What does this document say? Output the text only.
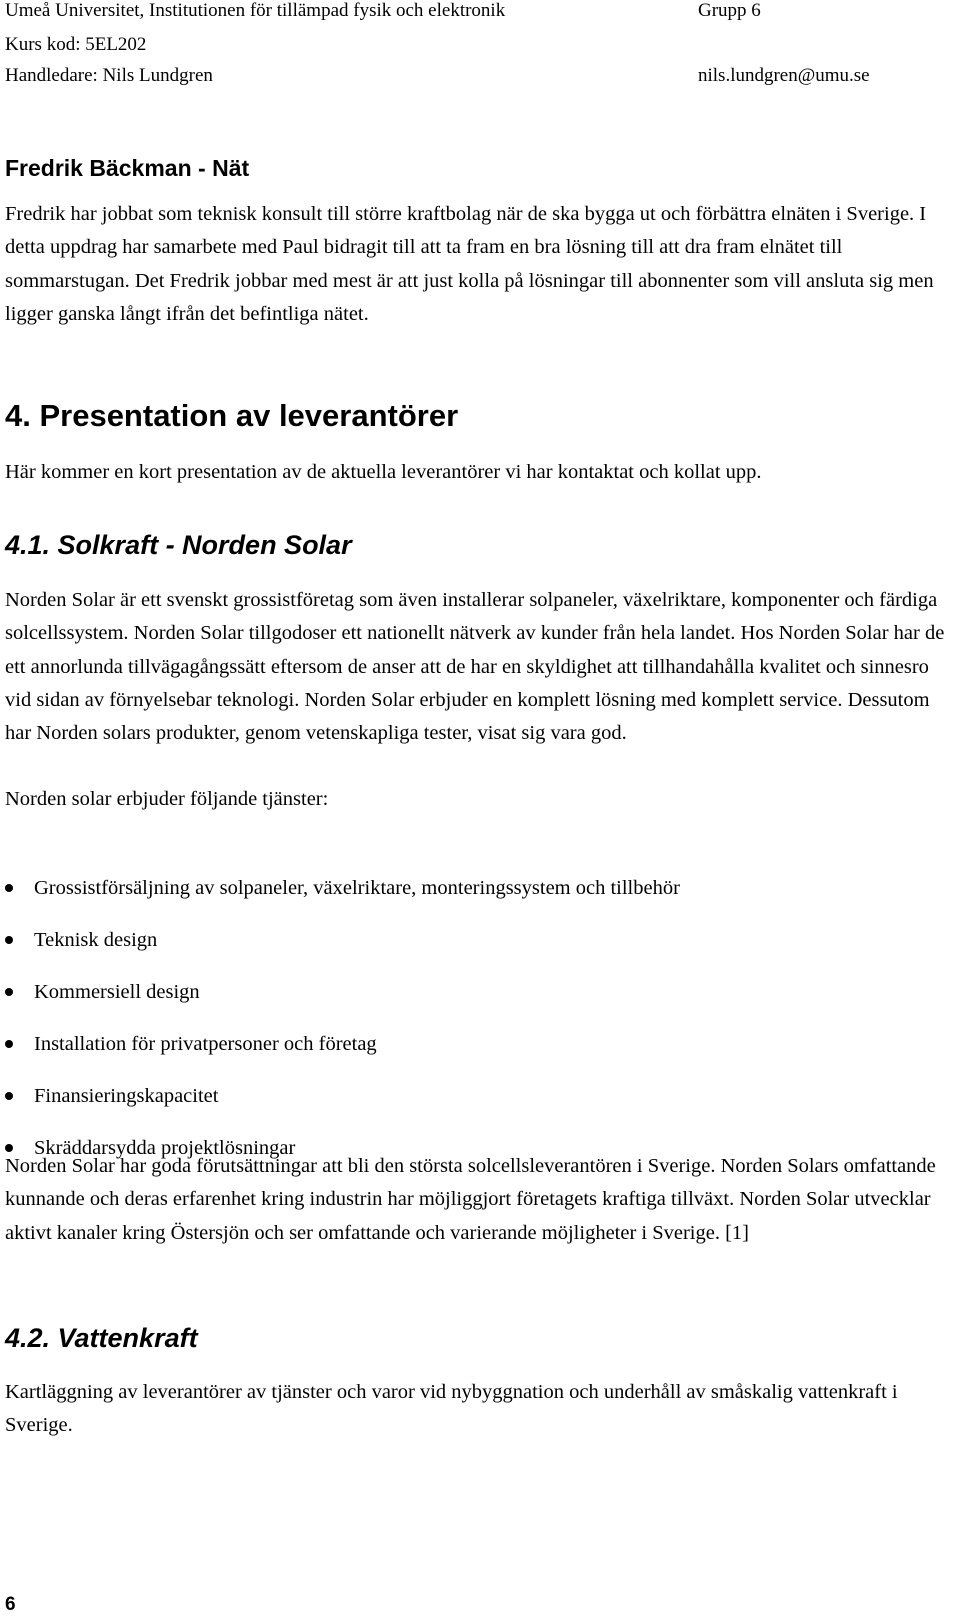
Umeå Universitet, Institutionen för tillämpad fysik och elektronik	Grupp 6
Kurs kod: 5EL202
Handledare: Nils Lundgren	nils.lundgren@umu.se
Fredrik Bäckman - Nät

Fredrik har jobbat som teknisk konsult till större kraftbolag när de ska bygga ut och förbättra elnäten i Sverige. I detta uppdrag har samarbete med Paul bidragit till att ta fram en bra lösning till att dra fram elnätet till sommarstugan. Det Fredrik jobbar med mest är att just kolla på lösningar till abonnenter som vill ansluta sig men ligger ganska långt ifrån det befintliga nätet.

4. Presentation av leverantörer

Här kommer en kort presentation av de aktuella leverantörer vi har kontaktat och kollat upp.

4.1. Solkraft - Norden Solar

Norden Solar är ett svenskt grossistföretag som även installerar solpaneler, växelriktare, komponenter och färdiga solcellssystem. Norden Solar tillgodoser ett nationellt nätverk av kunder från hela landet. Hos Norden Solar har de ett annorlunda tillvägagångssätt eftersom de anser att de har en skyldighet att tillhandahålla kvalitet och sinnesro vid sidan av förnyelsebar teknologi. Norden Solar erbjuder en komplett lösning med komplett service. Dessutom har Norden solars produkter, genom vetenskapliga tester, visat sig vara god.

Norden solar erbjuder följande tjänster:

Grossistförsäljning av solpaneler, växelriktare, monteringssystem och tillbehör
Teknisk design
Kommersiell design
Installation för privatpersoner och företag
Finansieringskapacitet
Skräddarsydda projektlösningar

Norden Solar har goda förutsättningar att bli den största solcellsleverantören i Sverige. Norden Solars omfattande kunnande och deras erfarenhet kring industrin har möjliggjort företagets kraftiga tillväxt. Norden Solar utvecklar aktivt kanaler kring Östersjön och ser omfattande och varierande möjligheter i Sverige. [1]

4.2. Vattenkraft

Kartläggning av leverantörer av tjänster och varor vid nybyggnation och underhåll av småskalig vattenkraft i Sverige.

6
